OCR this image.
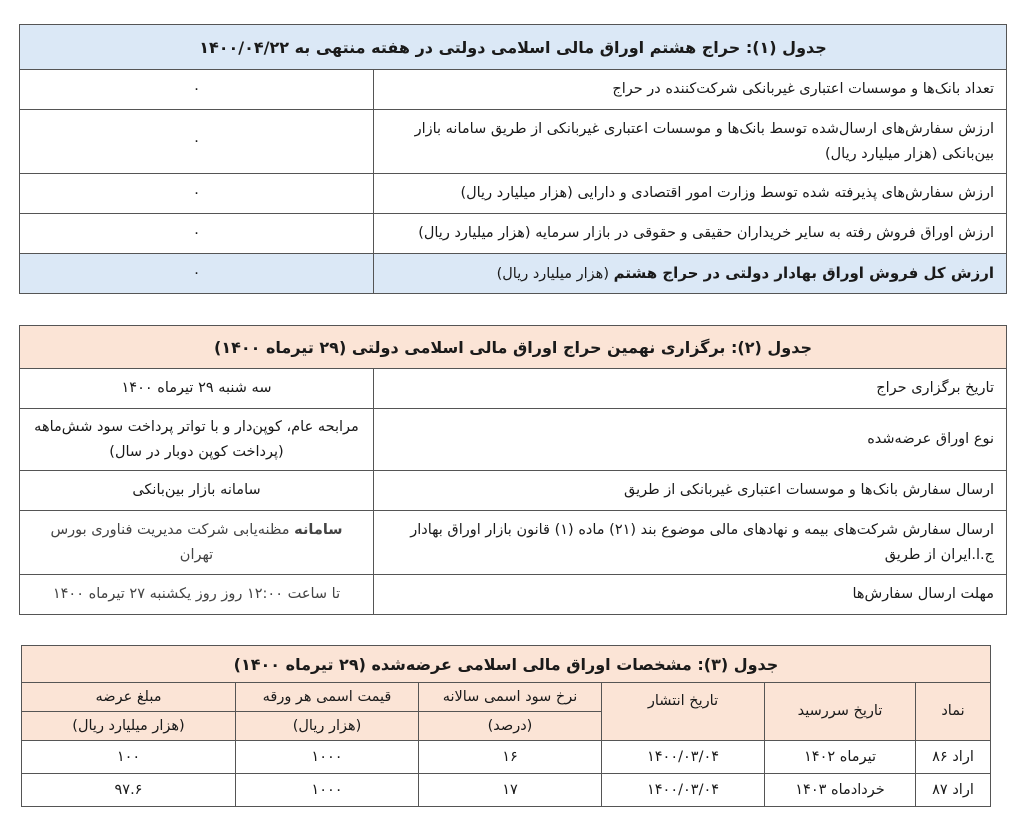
جدول (۱): حراج هشتم اوراق مالی اسلامی دولتی در هفته منتهی به ۱۴۰۰/۰۴/۲۲	
تعداد بانک‌ها و موسسات اعتباری غیربانکی شرکت‌کننده در حراج	۰
ارزش سفارش‌های ارسال‌شده توسط بانک‌ها و موسسات اعتباری غیربانکی از طریق سامانه بازار بین‌بانکی (هزار میلیارد ریال)	۰
ارزش سفارش‌های پذیرفته شده توسط وزارت امور اقتصادی و دارایی (هزار میلیارد ریال)	۰
ارزش اوراق فروش رفته به سایر خریداران حقیقی و حقوقی در بازار سرمایه (هزار میلیارد ریال)	۰
ارزش کل فروش اوراق بهادار دولتی در حراج هشتم (هزار میلیارد ریال)	۰
جدول (۲): برگزاری نهمین حراج اوراق مالی اسلامی دولتی (۲۹ تیرماه ۱۴۰۰)	
تاریخ برگزاری حراج	سه شنبه ۲۹ تیرماه ۱۴۰۰
نوع اوراق عرضه‌شده	مرابحه عام، کوپن‌دار و با تواتر پرداخت سود شش‌ماهه (پرداخت کوپن دوبار در سال)
ارسال سفارش بانک‌ها و موسسات اعتباری غیربانکی از طریق	سامانه بازار بین‌بانکی
ارسال سفارش شرکت‌های بیمه و نهادهای مالی موضوع بند (۲۱) ماده (۱) قانون بازار اوراق بهادار ج.ا.ایران از طریق	سامانه مظنه‌یابی شرکت مدیریت فناوری بورس تهران
مهلت ارسال سفارش‌ها	تا ساعت ۱۲:۰۰ روز روز یکشنبه ۲۷ تیرماه ۱۴۰۰
جدول (۳): مشخصات اوراق مالی اسلامی عرضه‌شده (۲۹ تیرماه ۱۴۰۰)					
نماد	تاریخ سررسید	تاریخ انتشار	نرخ سود اسمی سالانه	قیمت اسمی هر ورقه	مبلغ عرضه
			(درصد)	(هزار ریال)	(هزار میلیارد ریال)
اراد ۸۶	تیرماه ۱۴۰۲	۱۴۰۰/۰۳/۰۴	۱۶	۱۰۰۰	۱۰۰
اراد ۸۷	خردادماه ۱۴۰۳	۱۴۰۰/۰۳/۰۴	۱۷	۱۰۰۰	۹۷.۶
